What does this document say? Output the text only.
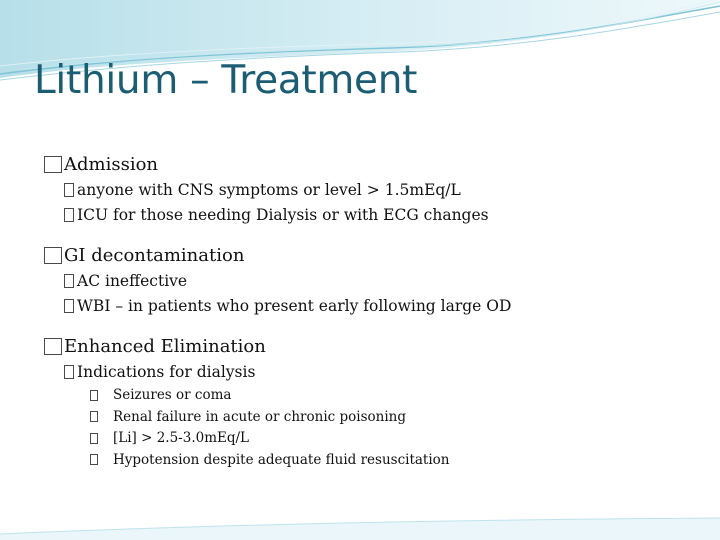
Lithium – Treatment
Admission
anyone with CNS symptoms or level > 1.5mEq/L
ICU for those needing Dialysis or with ECG changes
GI decontamination
AC ineffective
WBI – in patients who present early following large OD
Enhanced Elimination
Indications for dialysis
Seizures or coma
Renal failure in acute or chronic poisoning
[Li] > 2.5-3.0mEq/L
Hypotension despite adequate fluid resuscitation
